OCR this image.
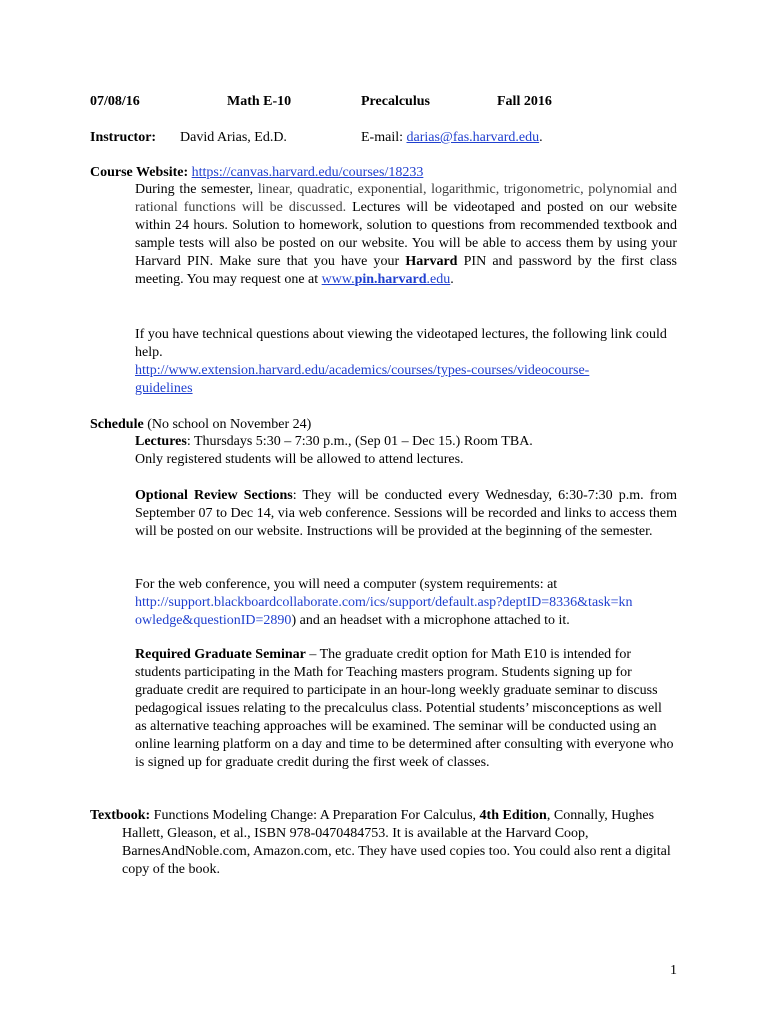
07/08/16	Math E-10	Precalculus	Fall 2016
Instructor: David Arias, Ed.D.	E-mail: darias@fas.harvard.edu.
Course Website: https://canvas.harvard.edu/courses/18233

During the semester, linear, quadratic, exponential, logarithmic, trigonometric, polynomial and rational functions will be discussed. Lectures will be videotaped and posted on our website within 24 hours. Solution to homework, solution to questions from recommended textbook and sample tests will also be posted on our website. You will be able to access them by using your Harvard PIN. Make sure that you have your Harvard PIN and password by the first class meeting. You may request one at www.pin.harvard.edu.

If you have technical questions about viewing the videotaped lectures, the following link could help.

http://www.extension.harvard.edu/academics/courses/types-courses/videocourse-

guidelines

Schedule (No school on November 24)

Lectures: Thursdays 5:30 – 7:30 p.m., (Sep 01 – Dec 15.) Room TBA.

Only registered students will be allowed to attend lectures.

Optional Review Sections: They will be conducted every Wednesday, 6:30-7:30 p.m. from September 07 to Dec 14, via web conference. Sessions will be recorded and links to access them will be posted on our website. Instructions will be provided at the beginning of the semester.

For the web conference, you will need a computer (system requirements: at

http://support.blackboardcollaborate.com/ics/support/default.asp?deptID=8336&task=kn

owledge&questionID=2890) and an headset with a microphone attached to it.

Required Graduate Seminar – The graduate credit option for Math E10 is intended for students participating in the Math for Teaching masters program. Students signing up for graduate credit are required to participate in an hour-long weekly graduate seminar to discuss pedagogical issues relating to the precalculus class. Potential students’ misconceptions as well as alternative teaching approaches will be examined. The seminar will be conducted using an online learning platform on a day and time to be determined after consulting with everyone who is signed up for graduate credit during the first week of classes.

Textbook: Functions Modeling Change: A Preparation For Calculus, 4th Edition, Connally, Hughes Hallett, Gleason, et al., ISBN 978-0470484753. It is available at the Harvard Coop, BarnesAndNoble.com, Amazon.com, etc. They have used copies too. You could also rent a digital copy of the book.

1
